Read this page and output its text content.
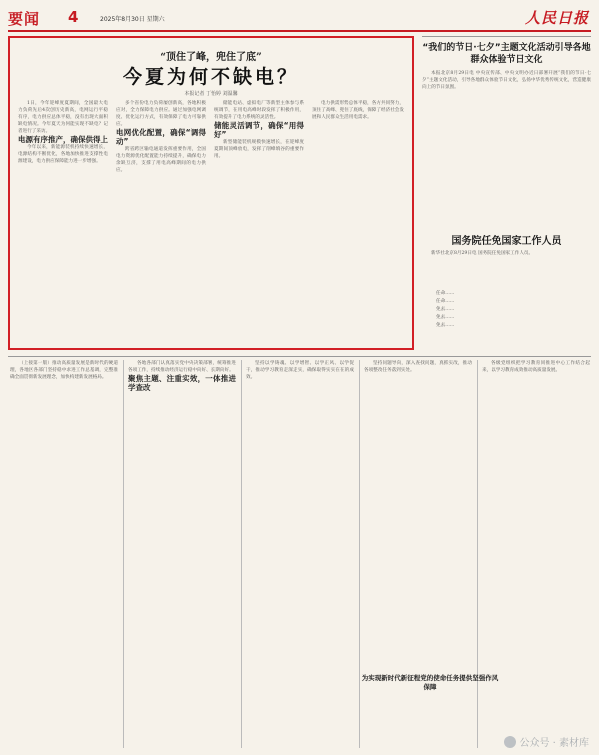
要闻 4	2025年8月30日 星期六	人民日报
“顶住了峰，兜住了底”
今夏为何不缺电？
本报记者 丁怡婷 刘温馨

1日，今年迎峰度夏期间，全国最大电力负荷先后4次创历史新高，电网运行平稳有序，电力供应总体平稳，没有出现大面积缺电情况。今年夏天为何能实现不缺电？记者进行了采访。

电源有序推产，确保供得上

今年以来，新能源装机持续快速增长，电源结构不断优化，各地加快推进支撑性电源建设，电力供应保障能力进一步增强。

多个省份电力负荷屡创新高，各地积极应对，全力保障电力供应。通过加强电网调度、优化运行方式，有效保障了电力可靠供应。

电网优化配置，确保“调得动”

跨省跨区输电通道发挥重要作用，全国电力资源优化配置能力持续提升，确保电力余缺互济，支撑了用电高峰期间的电力供应。

储能电站、虚拟电厂等新型主体参与系统调节，在用电高峰时段发挥了积极作用，有效提升了电力系统的灵活性。

储能灵活调节，确保“用得好”

新型储能装机规模快速增长，在迎峰度夏期间顶峰放电，发挥了削峰填谷的重要作用。

电力供需形势总体平稳，各方共同努力，顶住了高峰、兜住了底线，保障了经济社会发展和人民群众生活用电需求。

“我们的节日·七夕”主题文化活动引导各地群众体验节日文化

本报北京8月29日电 中央宣传部、中央文明办近日部署开展“我们的节日·七夕”主题文化活动，引导各地群众体验节日文化，弘扬中华优秀传统文化，营造健康向上的节日氛围。

国务院任免国家工作人员

新华社北京8月29日电 国务院任免国家工作人员。

任命……
任命……
免去……
免去……
免去……

（上接第一版）推动高质量发展是新时代的硬道理，各地区各部门坚持稳中求进工作总基调，完整准确全面贯彻新发展理念，加快构建新发展格局。

各地各部门认真落实党中央决策部署，统筹推进各项工作，持续推动经济运行稳中向好、长期向好。

聚焦主题、注重实效，一体推进学查改

坚持以学铸魂、以学增智、以学正风、以学促干，推动学习教育走深走实，确保取得实实在在的成效。

坚持问题导向，深入查找问题，真抓实改，推动各项整改任务落到实处。

各级党组织把学习教育同推进中心工作结合起来，以学习教育成效推动高质量发展。

为实现新时代新征程党的使命任务提供坚强作风保障
公众号 · 素材库
